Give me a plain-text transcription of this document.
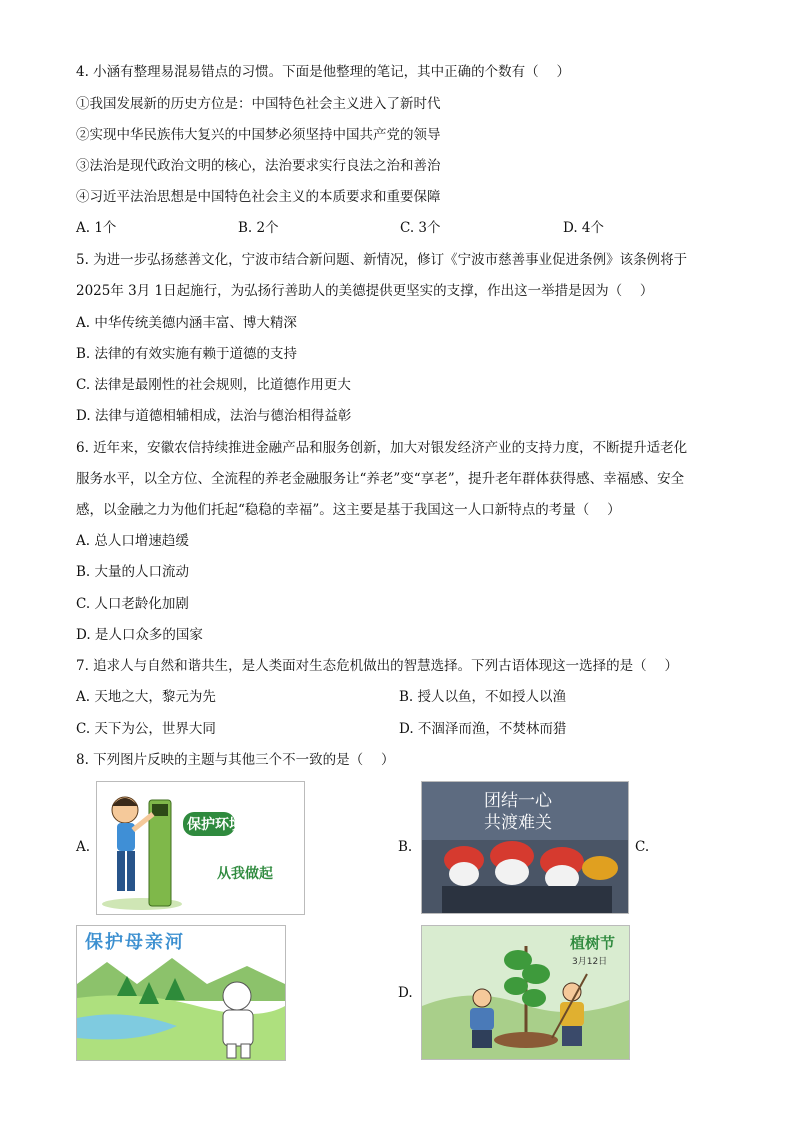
4. 小涵有整理易混易错点的习惯。下面是他整理的笔记，其中正确的个数有（　 ）
①我国发展新的历史方位是：中国特色社会主义进入了新时代
②实现中华民族伟大复兴的中国梦必须坚持中国共产党的领导
③法治是现代政治文明的核心，法治要求实行良法之治和善治
④习近平法治思想是中国特色社会主义的本质要求和重要保障
A. 1个	B. 2个	C. 3个	D. 4个
5. 为进一步弘扬慈善文化，宁波市结合新问题、新情况，修订《宁波市慈善事业促进条例》该条例将于
2025年 3月 1日起施行，为弘扬行善助人的美德提供更坚实的支撑，作出这一举措是因为（　 ）
A. 中华传统美德内涵丰富、博大精深
B. 法律的有效实施有赖于道德的支持
C. 法律是最刚性的社会规则，比道德作用更大
D. 法律与道德相辅相成，法治与德治相得益彰
6. 近年来，安徽农信持续推进金融产品和服务创新，加大对银发经济产业的支持力度，不断提升适老化
服务水平，以全方位、全流程的养老金融服务让“养老”变“享老”，提升老年群体获得感、幸福感、安全
感，以金融之力为他们托起“稳稳的幸福”。这主要是基于我国这一人口新特点的考量（　 ）
A. 总人口增速趋缓
B. 大量的人口流动
C. 人口老龄化加剧
D. 是人口众多的国家
7. 追求人与自然和谐共生，是人类面对生态危机做出的智慧选择。下列古语体现这一选择的是（　 ）
A. 天地之大，黎元为先	B. 授人以鱼，不如授人以渔
C. 天下为公，世界大同	D. 不涸泽而渔，不焚林而猎
8. 下列图片反映的主题与其他三个不一致的是（　 ）
A.
保护环境，
从我做起
B.
团结一心
共渡难关
C.
保护母亲河
D.
植树节
3月12日
